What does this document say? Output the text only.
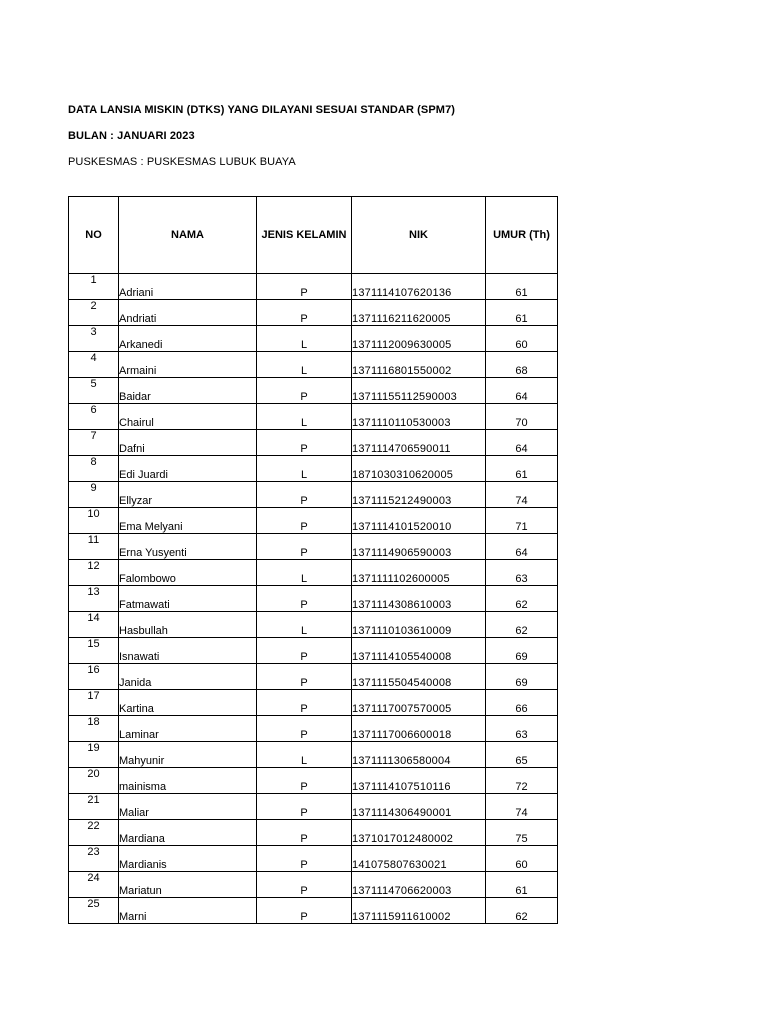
DATA LANSIA MISKIN (DTKS) YANG DILAYANI SESUAI STANDAR (SPM7)
BULAN : JANUARI 2023
PUSKESMAS : PUSKESMAS LUBUK BUAYA
NO	NAMA	JENIS KELAMIN	NIK	UMUR (Th)
1	Adriani	P	1371114107620136	61
2	Andriati	P	1371116211620005	61
3	Arkanedi	L	1371112009630005	60
4	Armaini	L	1371116801550002	68
5	Baidar	P	13711155112590003	64
6	Chairul	L	1371110110530003	70
7	Dafni	P	1371114706590011	64
8	Edi Juardi	L	1871030310620005	61
9	Ellyzar	P	1371115212490003	74
10	Ema Melyani	P	1371114101520010	71
11	Erna Yusyenti	P	1371114906590003	64
12	Falombowo	L	1371111102600005	63
13	Fatmawati	P	1371114308610003	62
14	Hasbullah	L	1371110103610009	62
15	Isnawati	P	1371114105540008	69
16	Janida	P	1371115504540008	69
17	Kartina	P	1371117007570005	66
18	Laminar	P	1371117006600018	63
19	Mahyunir	L	1371111306580004	65
20	mainisma	P	1371114107510116	72
21	Maliar	P	1371114306490001	74
22	Mardiana	P	1371017012480002	75
23	Mardianis	P	141075807630021	60
24	Mariatun	P	1371114706620003	61
25	Marni	P	1371115911610002	62
